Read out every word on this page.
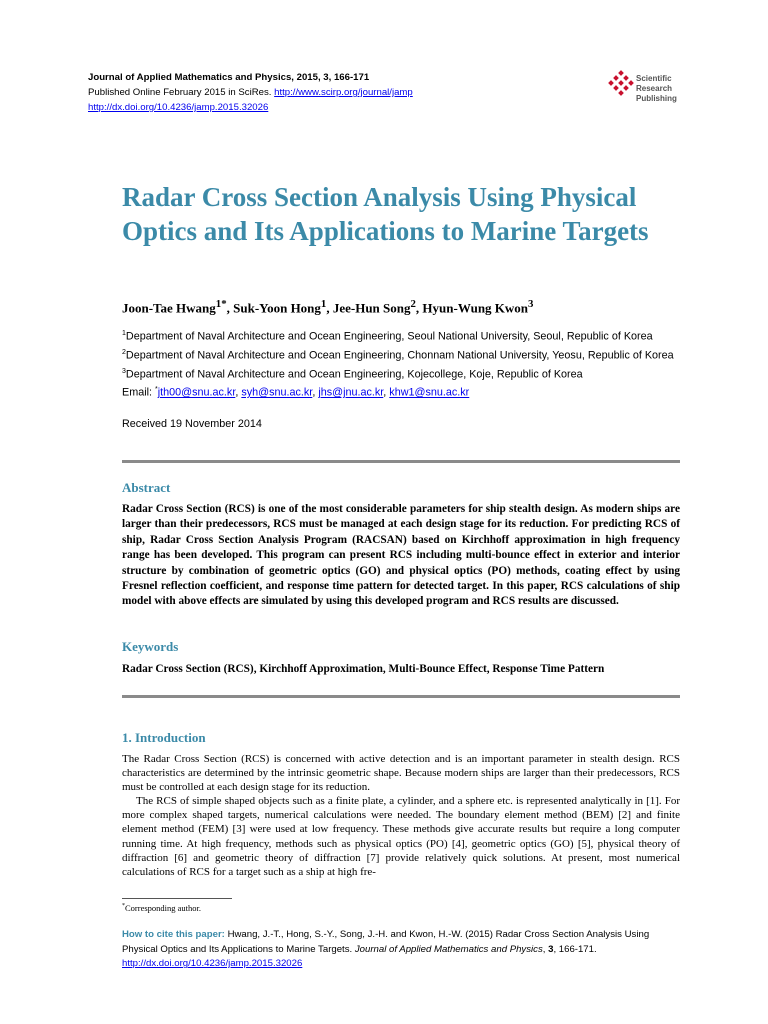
Journal of Applied Mathematics and Physics, 2015, 3, 166-171
Published Online February 2015 in SciRes. http://www.scirp.org/journal/jamp
http://dx.doi.org/10.4236/jamp.2015.32026
Scientific
Research
Publishing
Radar Cross Section Analysis Using Physical Optics and Its Applications to Marine Targets
Joon-Tae Hwang$^{1*}$, Suk-Yoon Hong$^1$, Jee-Hun Song$^2$, Hyun-Wung Kwon$^3$
$^1$Department of Naval Architecture and Ocean Engineering, Seoul National University, Seoul, Republic of Korea
$^2$Department of Naval Architecture and Ocean Engineering, Chonnam National University, Yeosu, Republic of Korea
$^3$Department of Naval Architecture and Ocean Engineering, Kojecollege, Koje, Republic of Korea
Email: *jth00@snu.ac.kr, syh@snu.ac.kr, jhs@jnu.ac.kr, khw1@snu.ac.kr
Received 19 November 2014
Abstract

Radar Cross Section (RCS) is one of the most considerable parameters for ship stealth design. As modern ships are larger than their predecessors, RCS must be managed at each design stage for its reduction. For predicting RCS of ship, Radar Cross Section Analysis Program (RACSAN) based on Kirchhoff approximation in high frequency range has been developed. This program can present RCS including multi-bounce effect in exterior and interior structure by combination of geometric optics (GO) and physical optics (PO) methods, coating effect by using Fresnel reflection coefficient, and response time pattern for detected target. In this paper, RCS calculations of ship model with above effects are simulated by using this developed program and RCS results are discussed.

Keywords
Radar Cross Section (RCS), Kirchhoff Approximation, Multi-Bounce Effect, Response Time Pattern
1. Introduction

The Radar Cross Section (RCS) is concerned with active detection and is an important parameter in stealth design. RCS characteristics are determined by the intrinsic geometric shape. Because modern ships are larger than their predecessors, RCS must be controlled at each design stage for its reduction.

The RCS of simple shaped objects such as a finite plate, a cylinder, and a sphere etc. is represented analytically in [1]. For more complex shaped targets, numerical calculations were needed. The boundary element method (BEM) [2] and finite element method (FEM) [3] were used at low frequency. These methods give accurate results but require a long computer running time. At high frequency, methods such as physical optics (PO) [4], geometric optics (GO) [5], physical theory of diffraction [6] and geometric theory of diffraction [7] provide relatively quick solutions. At present, most numerical calculations of RCS for a target such as a ship at high fre-

*Corresponding author.
How to cite this paper: Hwang, J.-T., Hong, S.-Y., Song, J.-H. and Kwon, H.-W. (2015) Radar Cross Section Analysis Using Physical Optics and Its Applications to Marine Targets. Journal of Applied Mathematics and Physics, 3, 166-171.
http://dx.doi.org/10.4236/jamp.2015.32026
